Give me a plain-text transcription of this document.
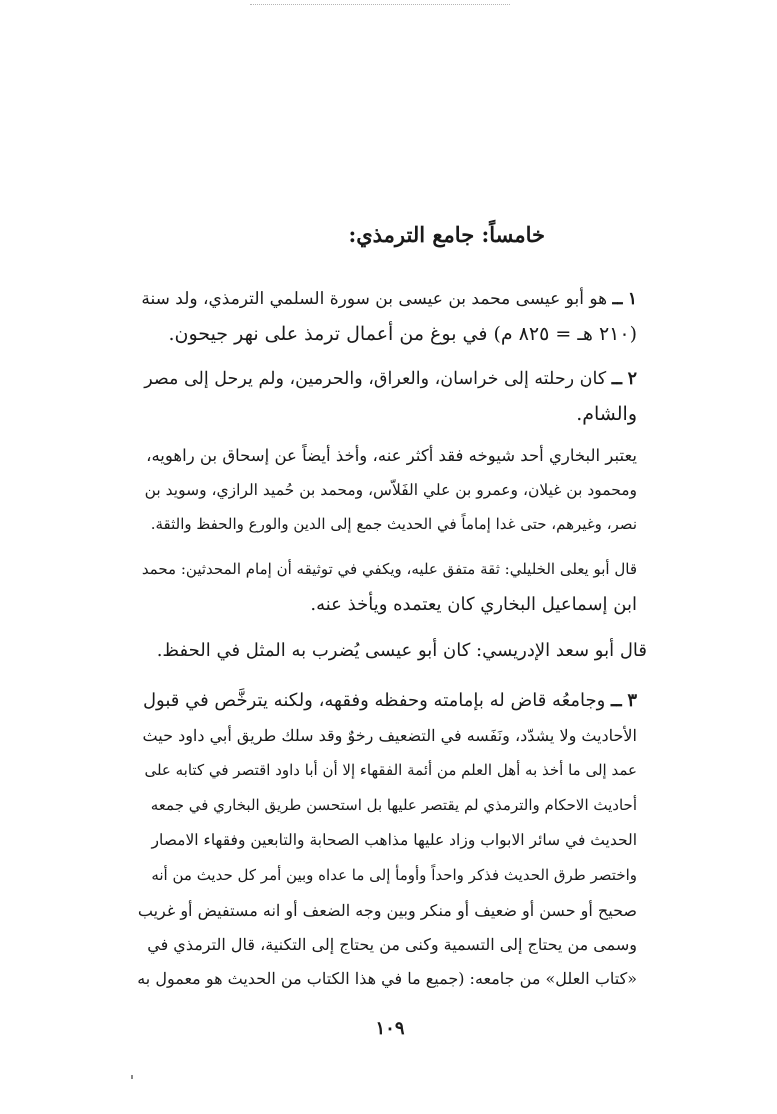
خامساً: جامع الترمذي:
١ ــ هو أبو عيسى محمد بن عيسى بن سورة السلمي الترمذي، ولد سنة
(٢١٠ هـ = ٨٢٥ م) في بوغ من أعمال ترمذ على نهر جيحون.
٢ ــ كان رحلته إلى خراسان، والعراق، والحرمين، ولم يرحل إلى مصر
والشام.
يعتبر البخاري أحد شيوخه فقد أكثر عنه، وأخذ أيضاً عن إسحاق بن راهويه،
ومحمود بن غيلان، وعمرو بن علي الفَلاّس، ومحمد بن حُميد الرازي، وسويد بن
نصر، وغيرهم، حتى غدا إماماً في الحديث جمع إلى الدين والورع والحفظ والثقة.
قال أبو يعلى الخليلي: ثقة متفق عليه، ويكفي في توثيقه أن إمام المحدثين: محمد
ابن إسماعيل البخاري كان يعتمده ويأخذ عنه.
قال أبو سعد الإدريسي: كان أبو عيسى يُضرب به المثل في الحفظ.
٣ ــ وجامعُه قاض له بإمامته وحفظه وفقهه، ولكنه يترخَّص في قبول
الأحاديث ولا يشدّد، ونَفَسه في التضعيف رخوٌ وقد سلك طريق أبي داود حيث
عمد إلى ما أخذ به أهل العلم من أئمة الفقهاء إلا أن أبا داود اقتصر في كتابه على
أحاديث الاحكام والترمذي لم يقتصر عليها بل استحسن طريق البخاري في جمعه
الحديث في سائر الابواب وزاد عليها مذاهب الصحابة والتابعين وفقهاء الامصار
واختصر طرق الحديث فذكر واحداً وأومأ إلى ما عداه وبين أمر كل حديث من أنه
صحيح أو حسن أو ضعيف أو منكر وبين وجه الضعف أو انه مستفيض أو غريب
وسمى من يحتاج إلى التسمية وكنى من يحتاج إلى التكنية، قال الترمذي في
«كتاب العلل» من جامعه: (جميع ما في هذا الكتاب من الحديث هو معمول به
١٠٩
